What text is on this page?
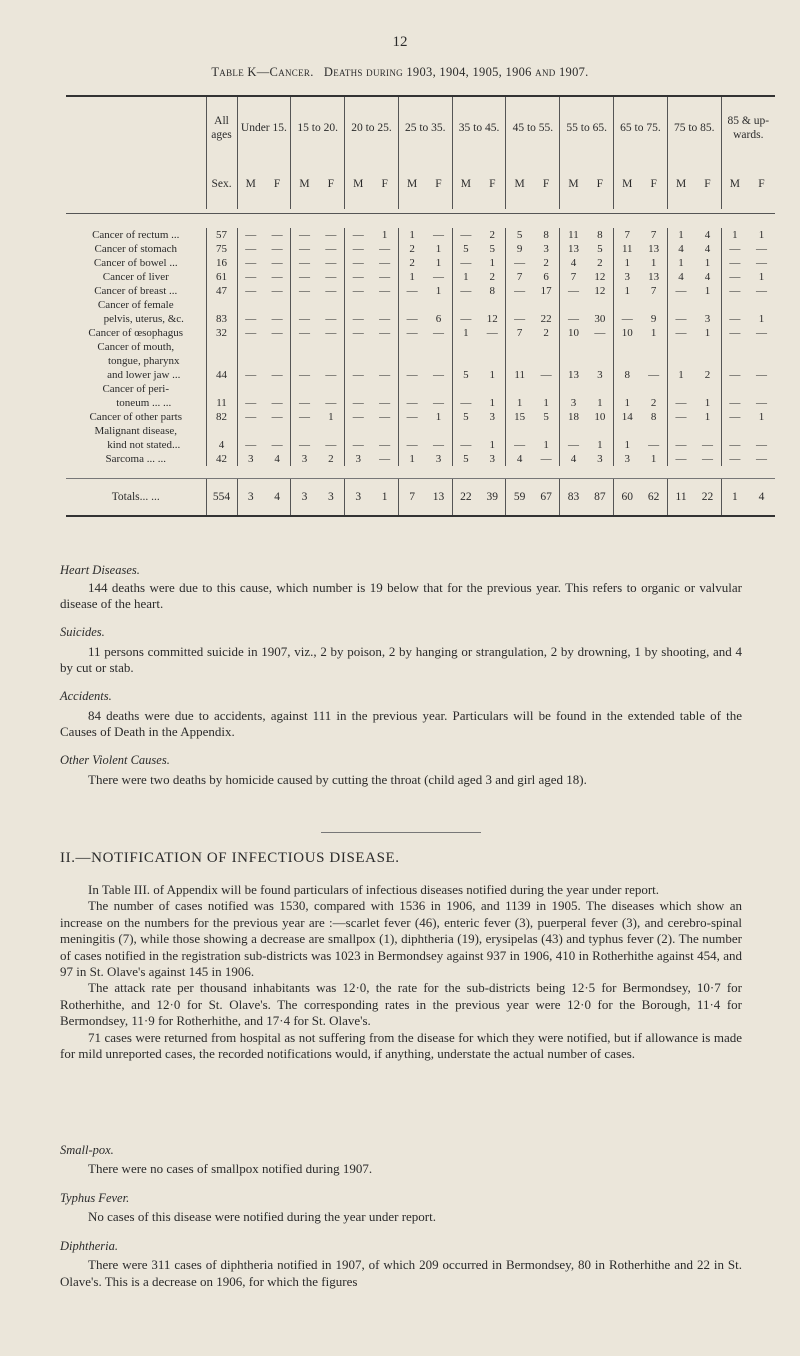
12
Table K—Cancer. Deaths during 1903, 1904, 1905, 1906 and 1907.
	All ages	Under 15.		15 to 20.		20 to 25.		25 to 35.		35 to 45.		45 to 55.		55 to 65.		65 to 75.		75 to 85.		85 & up-wards.	
	Sex.	M	F	M	F	M	F	M	F	M	F	M	F	M	F	M	F	M	F	M	F

Cancer of rectum ...	57	—	—	—	—	—	1	1	—	—	2	5	8	11	8	7	7	1	4	1	1
Cancer of stomach	75	—	—	—	—	—	—	2	1	5	5	9	3	13	5	11	13	4	4	—	—
Cancer of bowel ...	16	—	—	—	—	—	—	2	1	—	1	—	2	4	2	1	1	1	1	—	—
Cancer of liver	61	—	—	—	—	—	—	1	—	1	2	7	6	7	12	3	13	4	4	—	1
Cancer of breast ...	47	—	—	—	—	—	—	—	1	—	8	—	17	—	12	1	7	—	1	—	—
Cancer of female																					
pelvis, uterus, &c.	83	—	—	—	—	—	—	—	6	—	12	—	22	—	30	—	9	—	3	—	1
Cancer of œsophagus	32	—	—	—	—	—	—	—	—	1	—	7	2	10	—	10	1	—	1	—	—
Cancer of mouth,																					
tongue, pharynx																					
and lower jaw ...	44	—	—	—	—	—	—	—	—	5	1	11	—	13	3	8	—	1	2	—	—
Cancer of peri-																					
toneum ... ...	11	—	—	—	—	—	—	—	—	—	1	1	1	3	1	1	2	—	1	—	—
Cancer of other parts	82	—	—	—	1	—	—	—	1	5	3	15	5	18	10	14	8	—	1	—	1
Malignant disease,																					
kind not stated...	4	—	—	—	—	—	—	—	—	—	1	—	1	—	1	1	—	—	—	—	—
Sarcoma ... ...	42	3	4	3	2	3	—	1	3	5	3	4	—	4	3	3	1	—	—	—	—

Totals... ...	554	3	4	3	3	3	1	7	13	22	39	59	67	83	87	60	62	11	22	1	4

Heart Diseases.

144 deaths were due to this cause, which number is 19 below that for the previous year. This refers to organic or valvular disease of the heart.

Suicides.

11 persons committed suicide in 1907, viz., 2 by poison, 2 by hanging or strangulation, 2 by drowning, 1 by shooting, and 4 by cut or stab.

Accidents.

84 deaths were due to accidents, against 111 in the previous year. Particulars will be found in the extended table of the Causes of Death in the Appendix.

Other Violent Causes.

There were two deaths by homicide caused by cutting the throat (child aged 3 and girl aged 18).

II.—NOTIFICATION OF INFECTIOUS DISEASE.

In Table III. of Appendix will be found particulars of infectious diseases notified during the year under report.

The number of cases notified was 1530, compared with 1536 in 1906, and 1139 in 1905. The diseases which show an increase on the numbers for the previous year are :—scarlet fever (46), enteric fever (3), puerperal fever (3), and cerebro-spinal meningitis (7), while those showing a decrease are smallpox (1), diphtheria (19), erysipelas (43) and typhus fever (2). The number of cases notified in the registration sub-districts was 1023 in Bermondsey against 937 in 1906, 410 in Rotherhithe against 454, and 97 in St. Olave's against 145 in 1906.

The attack rate per thousand inhabitants was 12·0, the rate for the sub-districts being 12·5 for Bermondsey, 10·7 for Rotherhithe, and 12·0 for St. Olave's. The corresponding rates in the previous year were 12·0 for the Borough, 11·4 for Bermondsey, 11·9 for Rotherhithe, and 17·4 for St. Olave's.

71 cases were returned from hospital as not suffering from the disease for which they were notified, but if allowance is made for mild unreported cases, the recorded notifications would, if anything, understate the actual number of cases.

Small-pox.

There were no cases of smallpox notified during 1907.

Typhus Fever.

No cases of this disease were notified during the year under report.

Diphtheria.

There were 311 cases of diphtheria notified in 1907, of which 209 occurred in Bermondsey, 80 in Rotherhithe and 22 in St. Olave's. This is a decrease on 1906, for which the figures
